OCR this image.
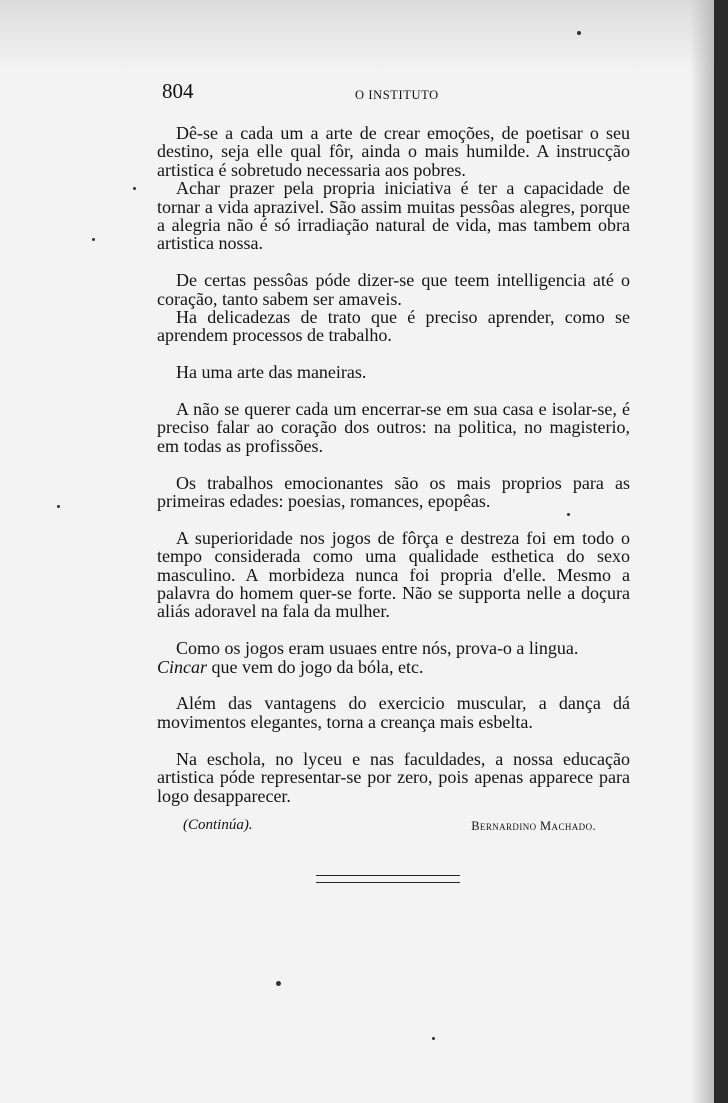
804	O INSTITUTO

Dê-se a cada um a arte de crear emoções, de poetisar o seu destino, seja elle qual fôr, ainda o mais humilde. A instrucção artistica é sobretudo necessaria aos pobres.

Achar prazer pela propria iniciativa é ter a capacidade de tornar a vida aprazivel. São assim muitas pessôas alegres, porque a alegria não é só irradiação natural de vida, mas tambem obra artistica nossa.

De certas pessôas póde dizer-se que teem intelligencia até o coração, tanto sabem ser amaveis.

Ha delicadezas de trato que é preciso aprender, como se aprendem processos de trabalho.

Ha uma arte das maneiras.

A não se querer cada um encerrar-se em sua casa e isolar-se, é preciso falar ao coração dos outros: na politica, no magisterio, em todas as profissões.

Os trabalhos emocionantes são os mais proprios para as primeiras edades: poesias, romances, epopêas.

A superioridade nos jogos de fôrça e destreza foi em todo o tempo considerada como uma qualidade esthetica do sexo masculino. A morbideza nunca foi propria d'elle. Mesmo a palavra do homem quer-se forte. Não se supporta nelle a doçura aliás adoravel na fala da mulher.

Como os jogos eram usuaes entre nós, prova-o a lingua.
Cincar que vem do jogo da bóla, etc.

Além das vantagens do exercicio muscular, a dança dá movimentos elegantes, torna a creança mais esbelta.

Na eschola, no lyceu e nas faculdades, a nossa educação artistica póde representar-se por zero, pois apenas apparece para logo desapparecer.

(Continúa).	Bernardino Machado.
